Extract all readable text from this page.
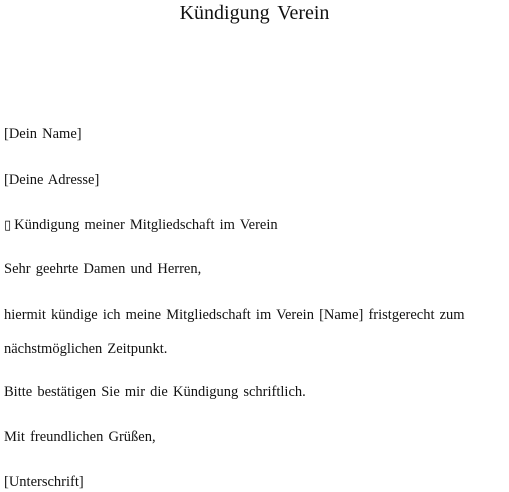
Kündigung Verein

[Dein Name]

[Deine Adresse]

▯ Kündigung meiner Mitgliedschaft im Verein

Sehr geehrte Damen und Herren,

hiermit kündige ich meine Mitgliedschaft im Verein [Name] fristgerecht zum

nächstmöglichen Zeitpunkt.

Bitte bestätigen Sie mir die Kündigung schriftlich.

Mit freundlichen Grüßen,

[Unterschrift]
